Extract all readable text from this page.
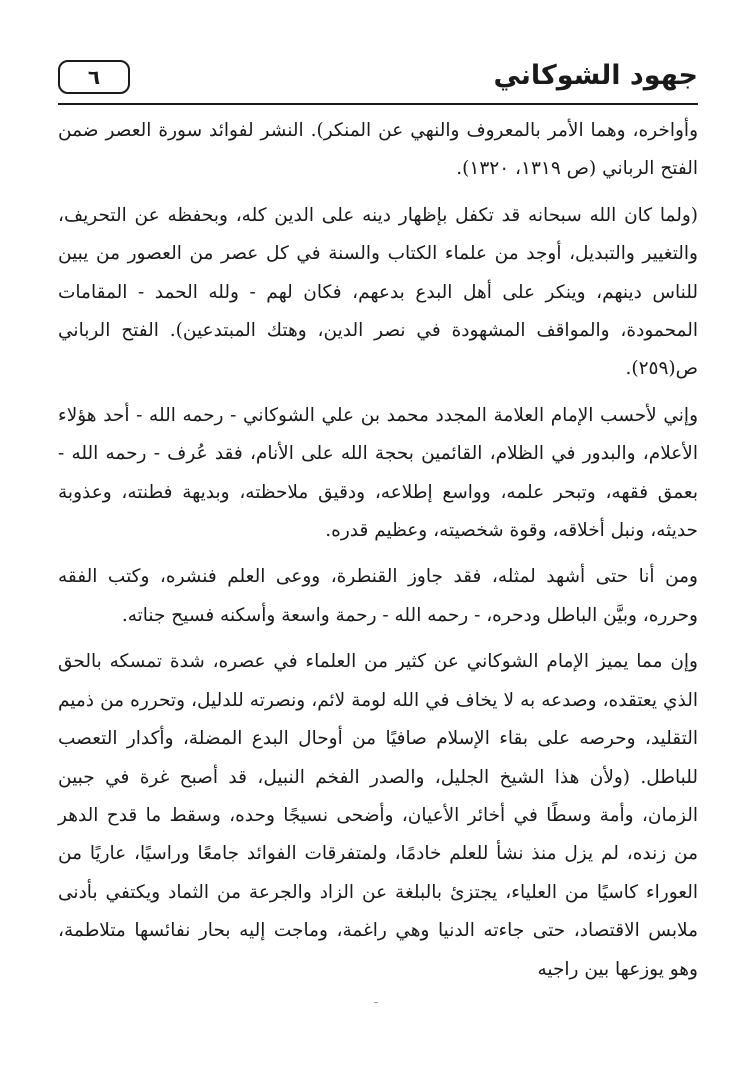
٦	جهود الشوكاني

وأواخره، وهما الأمر بالمعروف والنهي عن المنكر). النشر لفوائد سورة العصر ضمن الفتح الرباني (ص ١٣١٩، ١٣٢٠).

(ولما كان الله سبحانه قد تكفل بإظهار دينه على الدين كله، وبحفظه عن التحريف، والتغيير والتبديل، أوجد من علماء الكتاب والسنة في كل عصر من العصور من يبين للناس دينهم، وينكر على أهل البدع بدعهم، فكان لهم - ولله الحمد - المقامات المحمودة، والمواقف المشهودة في نصر الدين، وهتك المبتدعين). الفتح الرباني ص(٢٥٩).

وإني لأحسب الإمام العلامة المجدد محمد بن علي الشوكاني - رحمه الله - أحد هؤلاء الأعلام، والبدور في الظلام، القائمين بحجة الله على الأنام، فقد عُرف - رحمه الله - بعمق فقهه، وتبحر علمه، وواسع إطلاعه، ودقيق ملاحظته، وبديهة فطنته، وعذوبة حديثه، ونبل أخلاقه، وقوة شخصيته، وعظيم قدره.

ومن أنا حتى أشهد لمثله، فقد جاوز القنطرة، ووعى العلم فنشره، وكتب الفقه وحرره، وبيَّن الباطل ودحره، - رحمه الله - رحمة واسعة وأسكنه فسيح جناته.

وإن مما يميز الإمام الشوكاني عن كثير من العلماء في عصره، شدة تمسكه بالحق الذي يعتقده، وصدعه به لا يخاف في الله لومة لائم، ونصرته للدليل، وتحرره من ذميم التقليد، وحرصه على بقاء الإسلام صافيًا من أوحال البدع المضلة، وأكدار التعصب للباطل. (ولأن هذا الشيخ الجليل، والصدر الفخم النبيل، قد أصبح غرة في جبين الزمان، وأمة وسطًا في أخائر الأعيان، وأضحى نسيجًا وحده، وسقط ما قدح الدهر من زنده، لم يزل منذ نشأ للعلم خادمًا، ولمتفرقات الفوائد جامعًا وراسيًا، عاريًا من العوراء كاسيًا من العلياء، يجتزئ بالبلغة عن الزاد والجرعة من الثماد ويكتفي بأدنى ملابس الاقتصاد، حتى جاءته الدنيا وهي راغمة، وماجت إليه بحار نفائسها متلاطمة، وهو يوزعها بين راجيه
